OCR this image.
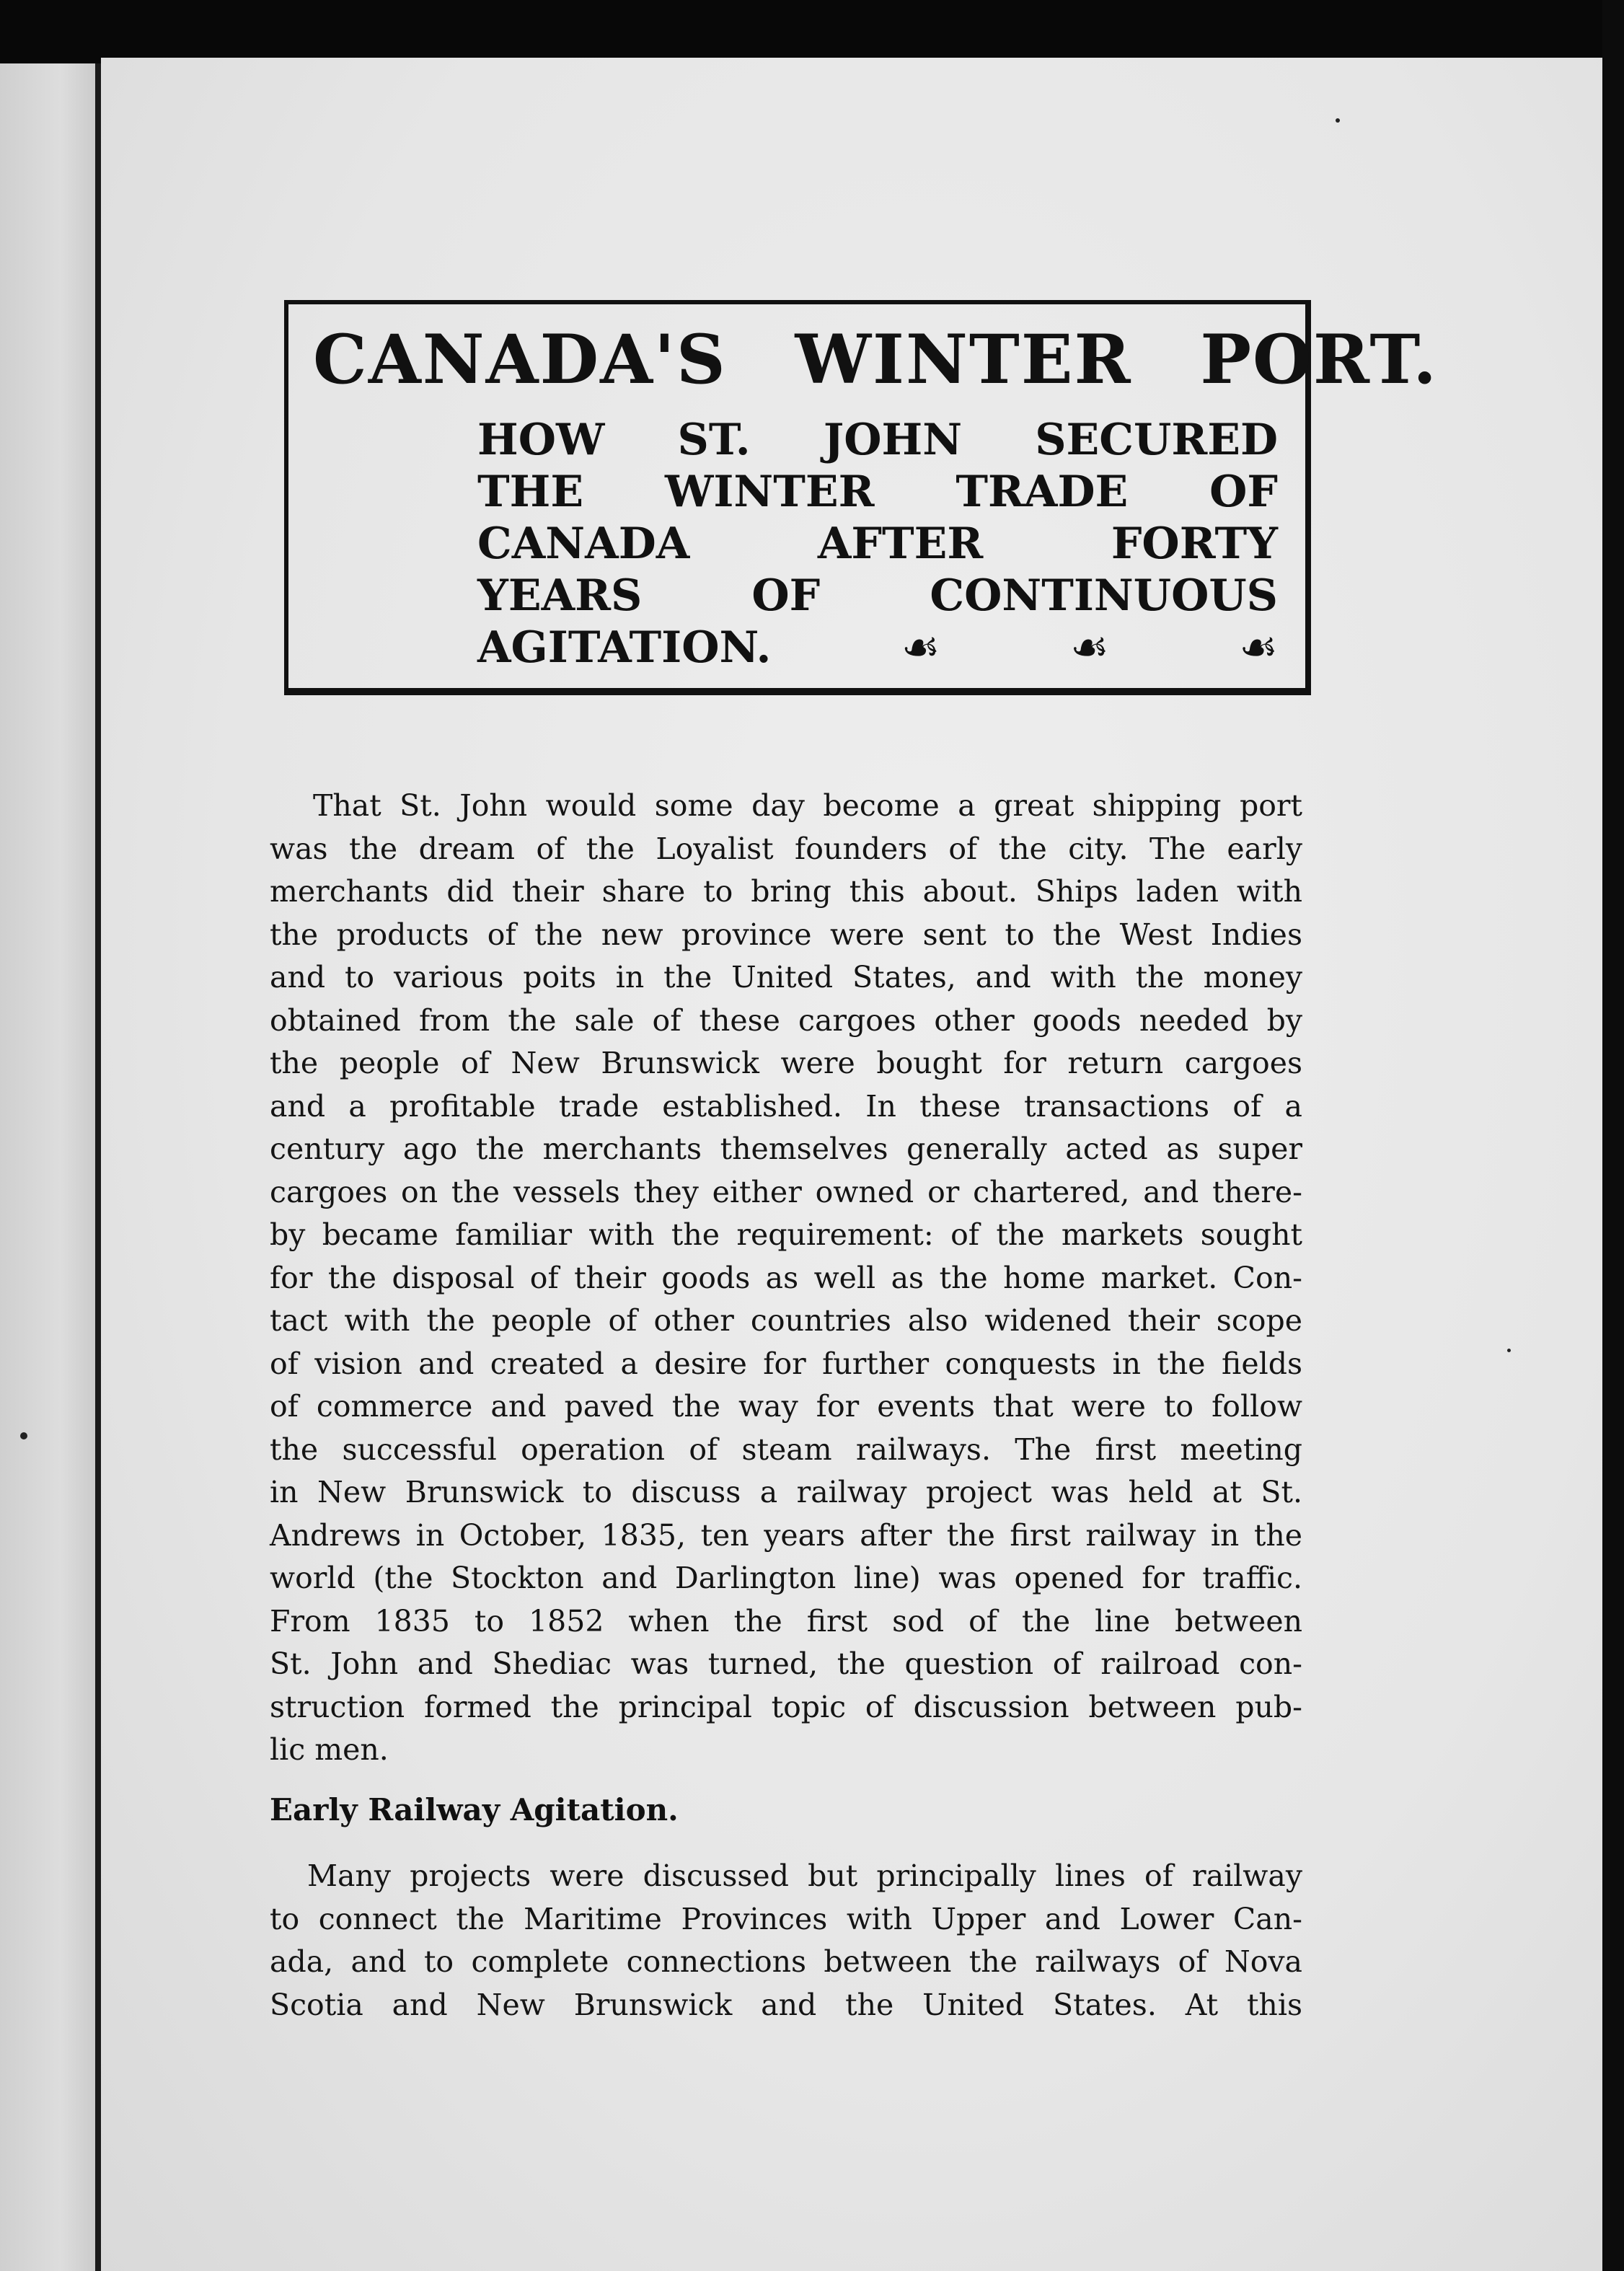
CANADA'S WINTER PORT.
HOW ST. JOHN SECURED
THE WINTER TRADE OF
CANADA AFTER FORTY
YEARS OF CONTINUOUS
AGITATION.	☙	☙	☙
That St. John would some day become a great shipping port
was the dream of the Loyalist founders of the city. The early
merchants did their share to bring this about. Ships laden with
the products of the new province were sent to the West Indies
and to various poits in the United States, and with the money
obtained from the sale of these cargoes other goods needed by
the people of New Brunswick were bought for return cargoes
and a profitable trade established. In these transactions of a
century ago the merchants themselves generally acted as super
cargoes on the vessels they either owned or chartered, and there-
by became familiar with the requirement: of the markets sought
for the disposal of their goods as well as the home market. Con-
tact with the people of other countries also widened their scope
of vision and created a desire for further conquests in the fields
of commerce and paved the way for events that were to follow
the successful operation of steam railways. The first meeting
in New Brunswick to discuss a railway project was held at St.
Andrews in October, 1835, ten years after the first railway in the
world (the Stockton and Darlington line) was opened for traffic.
From 1835 to 1852 when the first sod of the line between
St. John and Shediac was turned, the question of railroad con-
struction formed the principal topic of discussion between pub-
lic men.
Early Railway Agitation.
Many projects were discussed but principally lines of railway
to connect the Maritime Provinces with Upper and Lower Can-
ada, and to complete connections between the railways of Nova
Scotia and New Brunswick and the United States. At this
